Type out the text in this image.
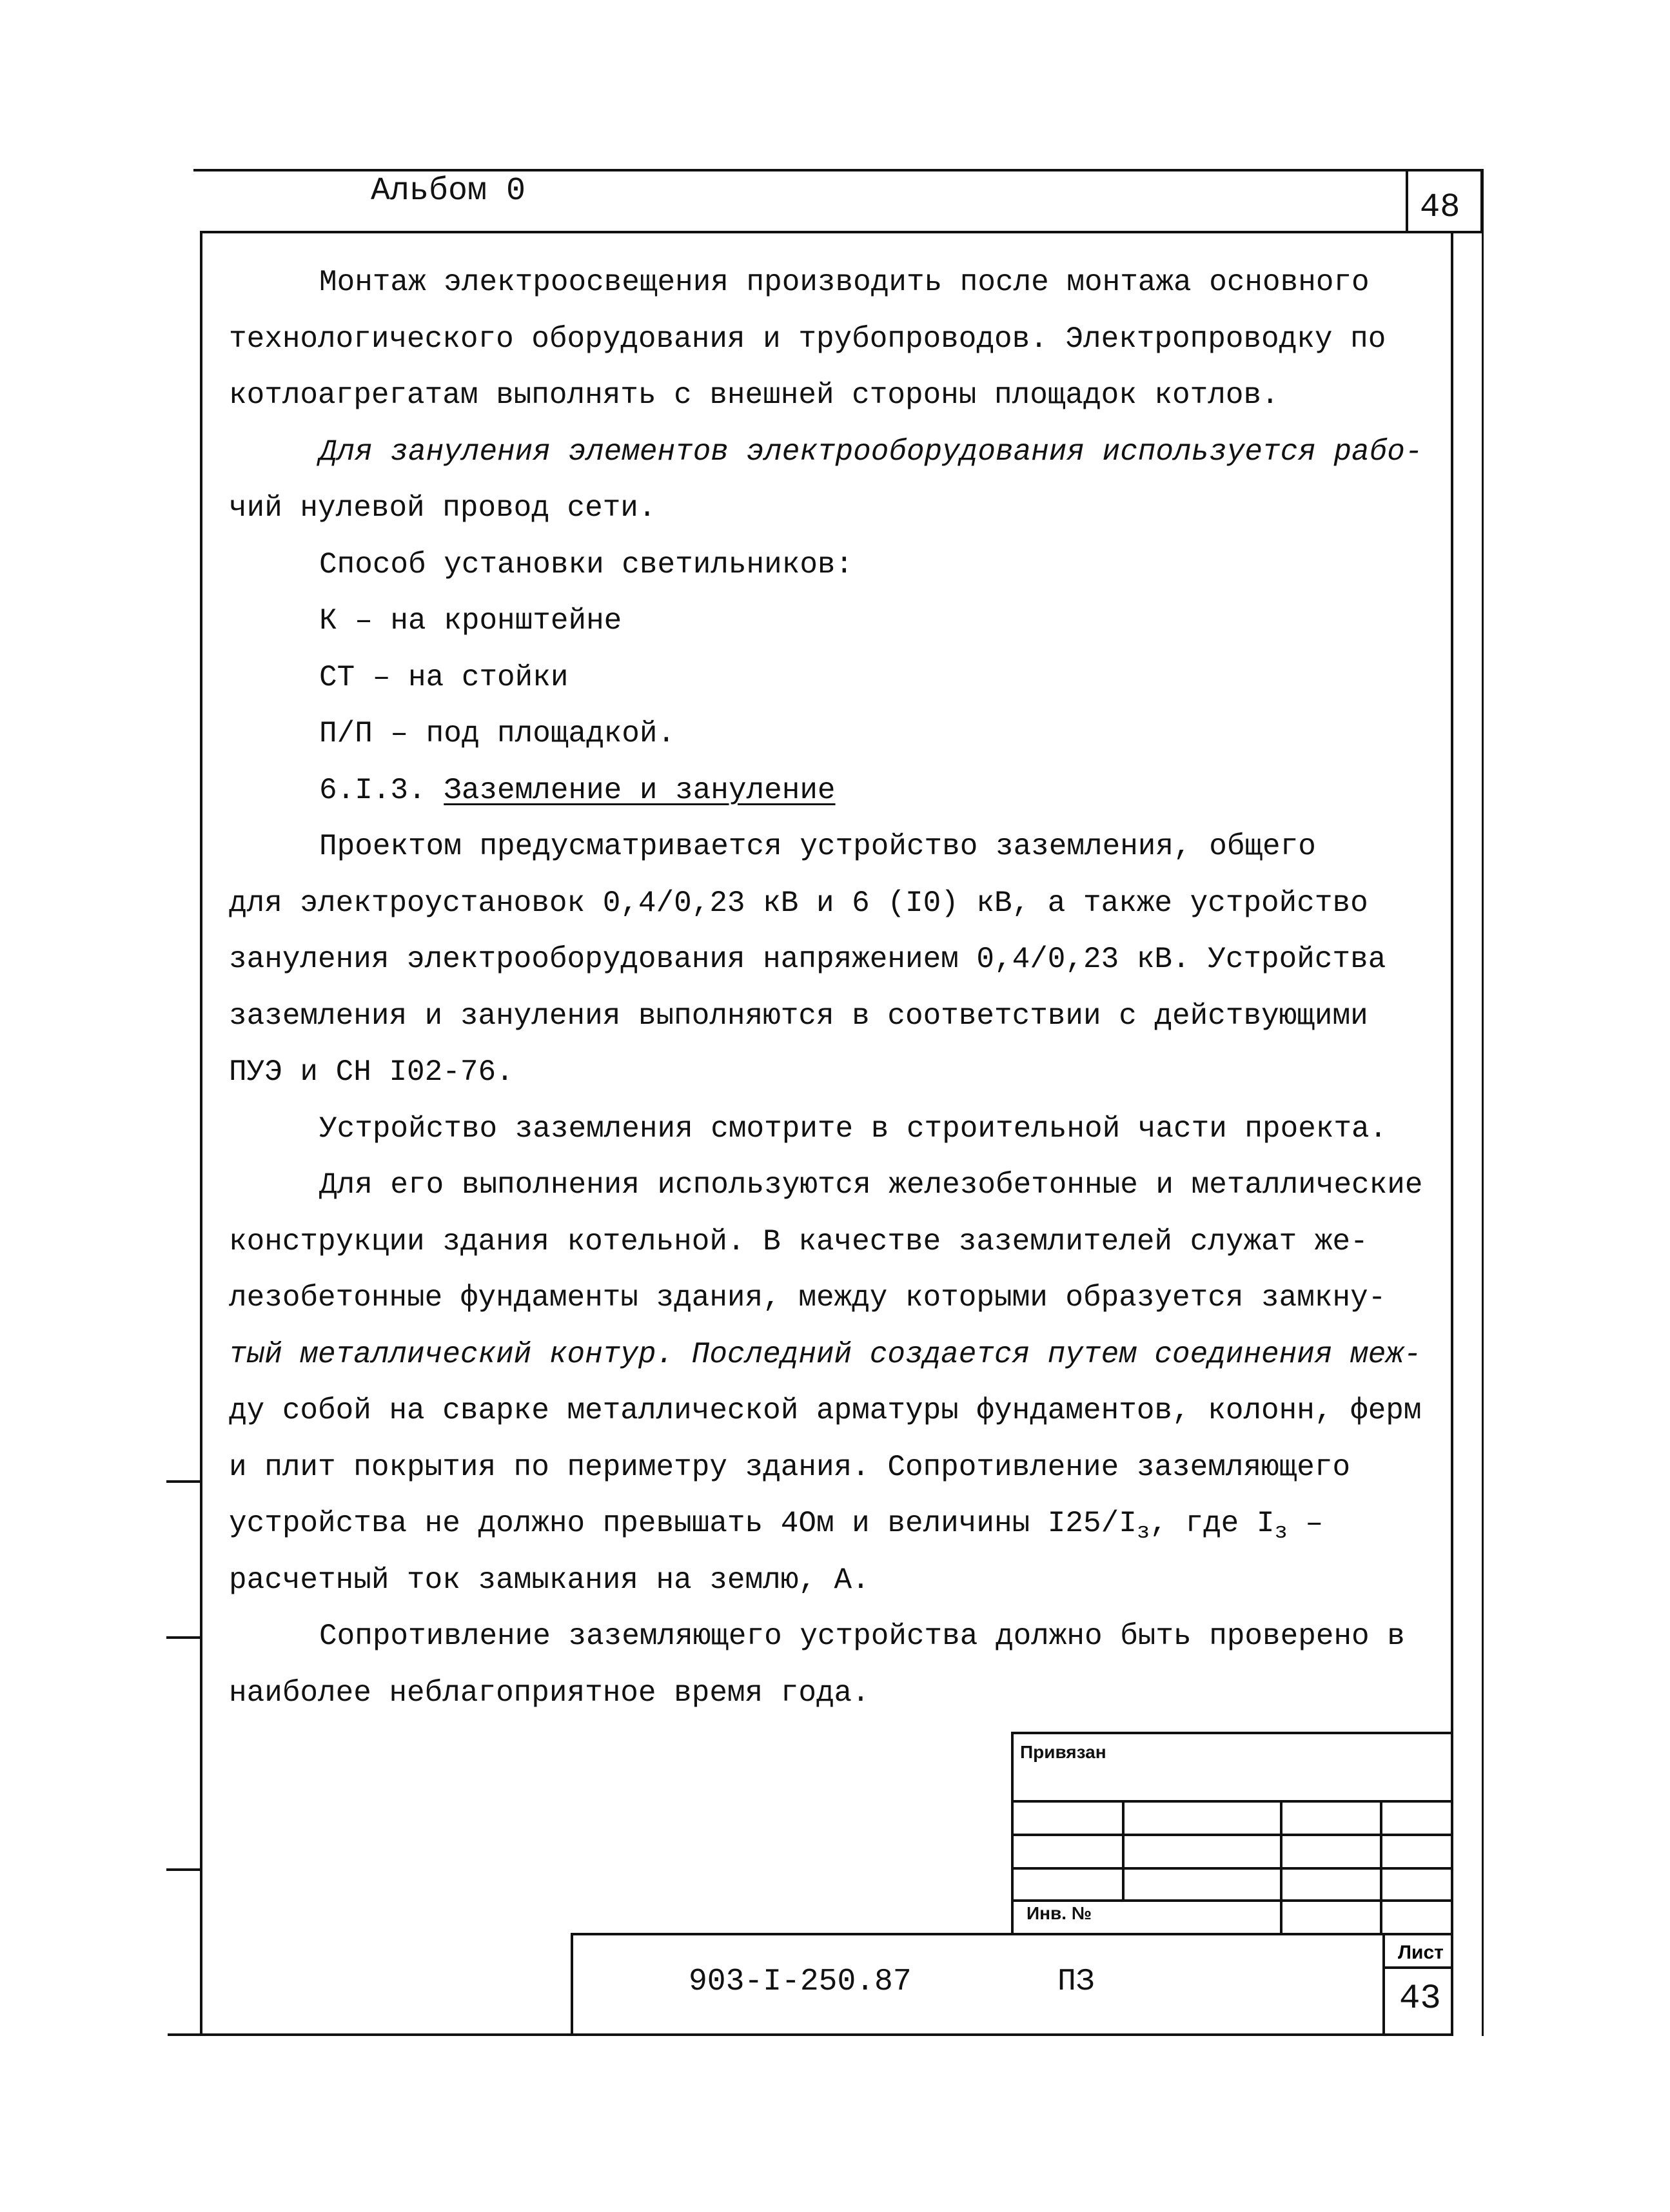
Альбом 0	48
Монтаж электроосвещения производить после монтажа основного
технологического оборудования и трубопроводов. Электропроводку по
котлоагрегатам выполнять с внешней стороны площадок котлов.
Для зануления элементов электрооборудования используется рабо-
чий нулевой провод сети.
Способ установки светильников:
К – на кронштейне
СТ – на стойки
П/П – под площадкой.
6.I.3. Заземление и зануление
Проектом предусматривается устройство заземления, общего
для электроустановок 0,4/0,23 кВ и 6 (I0) кВ, а также устройство
зануления электрооборудования напряжением 0,4/0,23 кВ. Устройства
заземления и зануления выполняются в соответствии с действующими
ПУЭ и СН I02-76.
Устройство заземления смотрите в строительной части проекта.
Для его выполнения используются железобетонные и металлические
конструкции здания котельной. В качестве заземлителей служат же-
лезобетонные фундаменты здания, между которыми образуется замкну-
тый металлический контур. Последний создается путем соединения меж-
ду собой на сварке металлической арматуры фундаментов, колонн, ферм
и плит покрытия по периметру здания. Сопротивление заземляющего
устройства не должно превышать 4Ом и величины $I25/I_з$, где $I_з$ –
расчетный ток замыкания на землю, А.
Сопротивление заземляющего устройства должно быть проверено в
наиболее неблагоприятное время года.
Привязан
Инв. №
903-I-250.87	ПЗ
Лист
43
